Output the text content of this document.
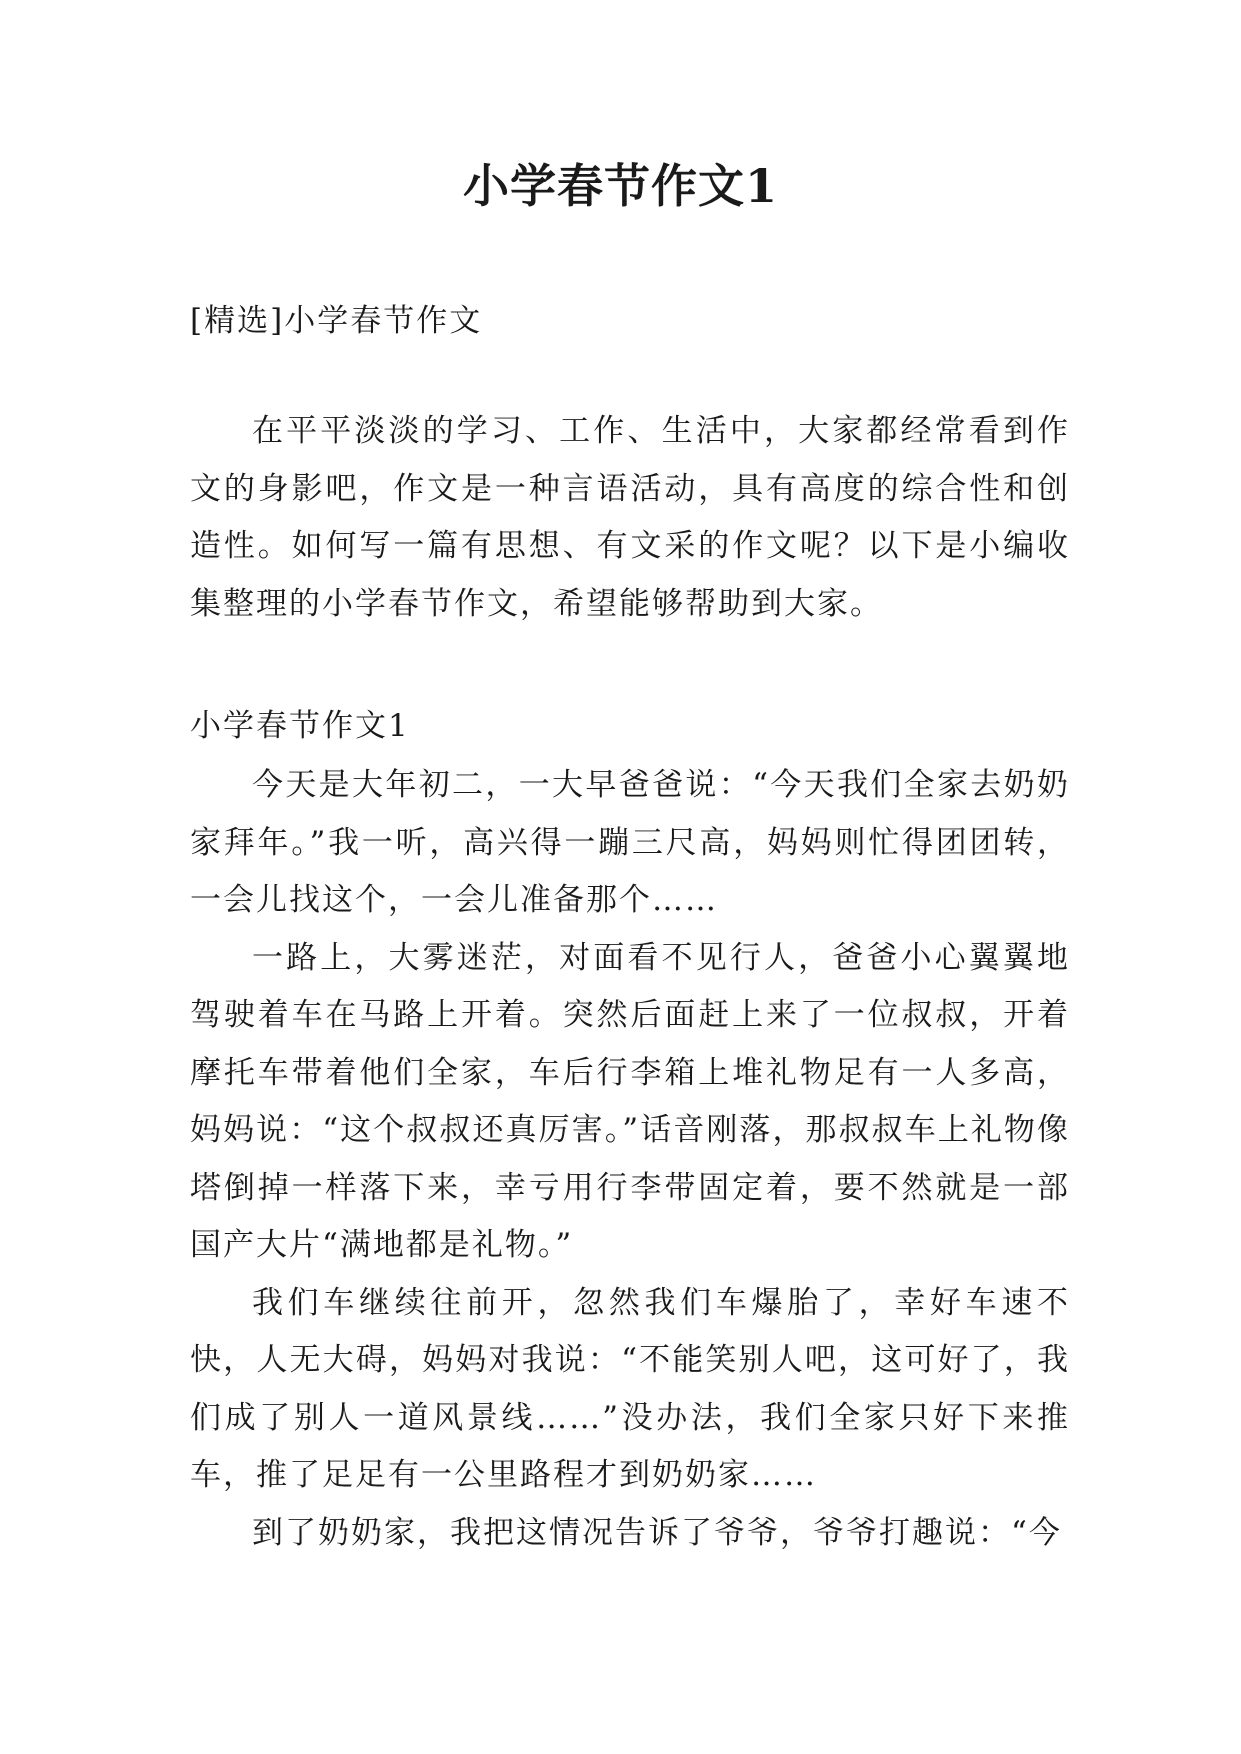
小学春节作文1

[精选]小学春节作文

在平平淡淡的学习、工作、生活中，大家都经常看到作文的身影吧，作文是一种言语活动，具有高度的综合性和创造性。如何写一篇有思想、有文采的作文呢？以下是小编收集整理的小学春节作文，希望能够帮助到大家。

小学春节作文1

今天是大年初二，一大早爸爸说：“今天我们全家去奶奶家拜年。”我一听，高兴得一蹦三尺高，妈妈则忙得团团转，一会儿找这个，一会儿准备那个……

一路上，大雾迷茫，对面看不见行人，爸爸小心翼翼地驾驶着车在马路上开着。突然后面赶上来了一位叔叔，开着摩托车带着他们全家，车后行李箱上堆礼物足有一人多高，妈妈说：“这个叔叔还真厉害。”话音刚落，那叔叔车上礼物像塔倒掉一样落下来，幸亏用行李带固定着，要不然就是一部国产大片“满地都是礼物。”

我们车继续往前开，忽然我们车爆胎了，幸好车速不快，人无大碍，妈妈对我说：“不能笑别人吧，这可好了，我们成了别人一道风景线……”没办法，我们全家只好下来推车，推了足足有一公里路程才到奶奶家……

到了奶奶家，我把这情况告诉了爷爷，爷爷打趣说：“今
